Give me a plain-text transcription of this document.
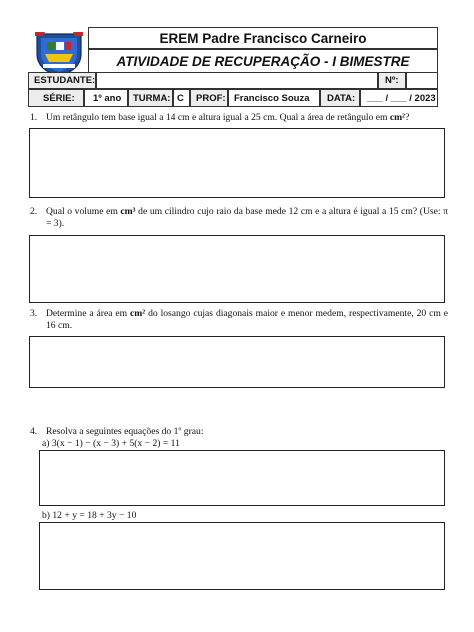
EREM Padre Francisco Carneiro
ATIVIDADE DE RECUPERAÇÃO - I BIMESTRE
ESTUDANTE:	Nº:
SÉRIE: 1º ano TURMA: C PROF: Francisco Souza DATA: ___ / ___ / 2023
1. Um retângulo tem base igual a 14 cm e altura igual a 25 cm. Qual a área de retângulo em cm²?
2. Qual o volume em cm³ de um cilindro cujo raio da base mede 12 cm e a altura é igual a 15 cm? (Use: π = 3).
3. Determine a área em cm² do losango cujas diagonais maior e menor medem, respectivamente, 20 cm e 16 cm.
4. Resolva a seguintes equações do 1º grau:
a) 3(x − 1) − (x − 3) + 5(x − 2) = 11
b) 12 + y = 18 + 3y − 10
